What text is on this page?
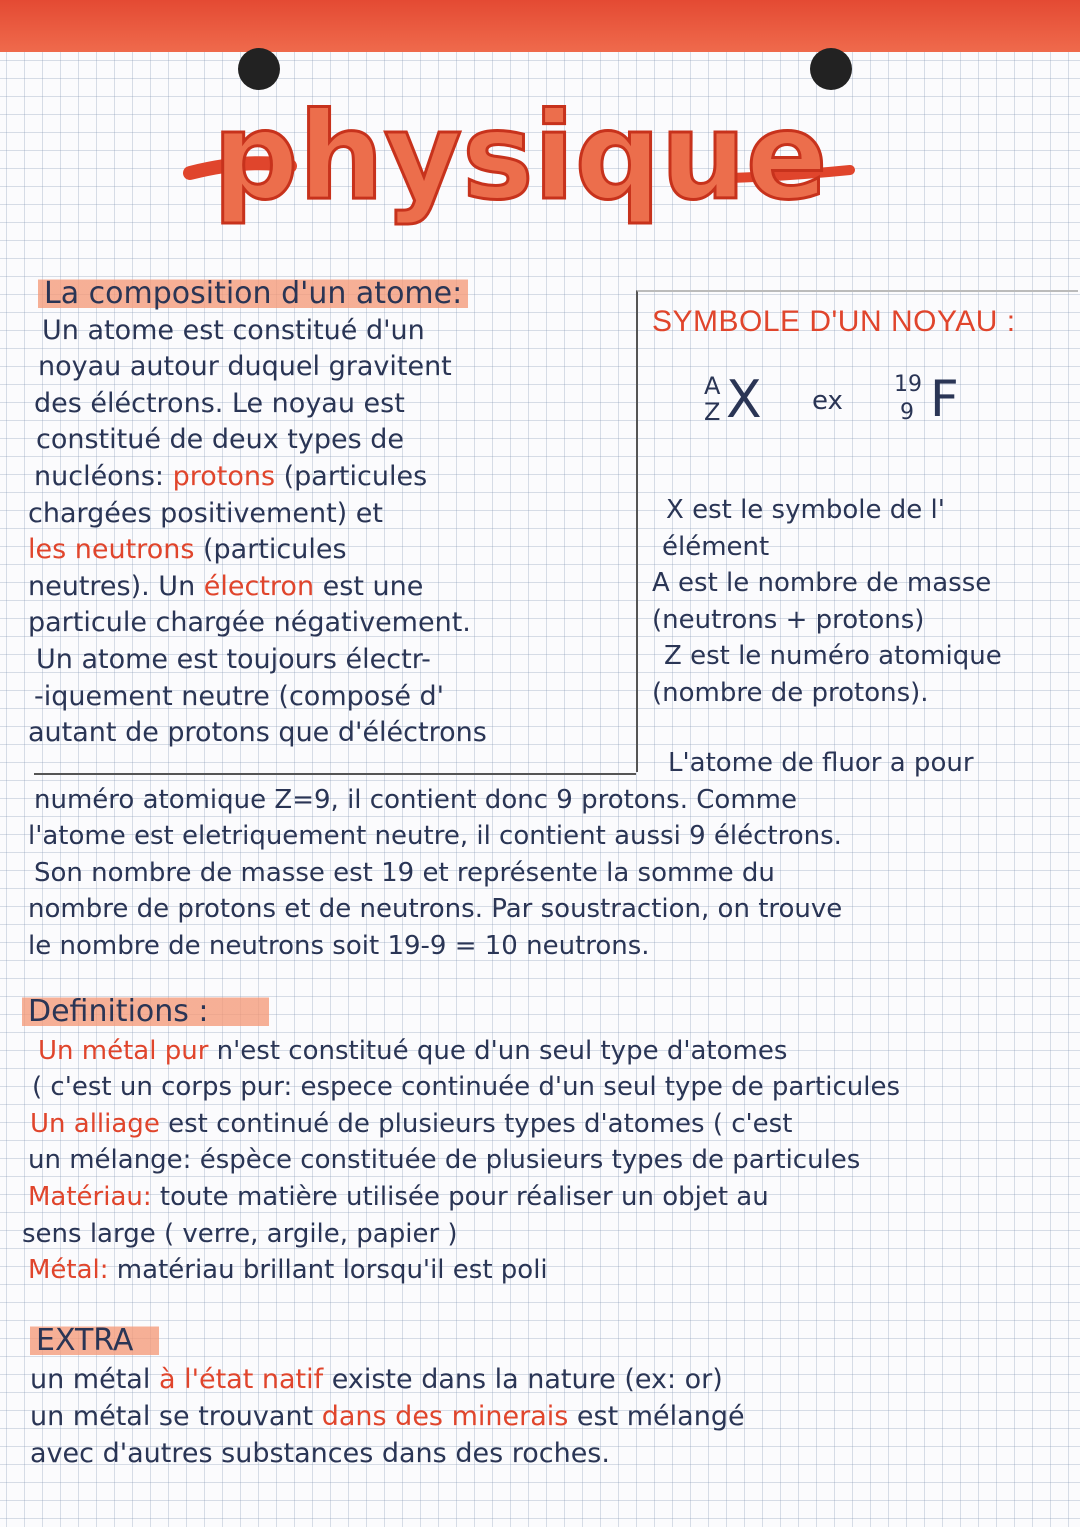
physique

La composition d'un atome:

Un atome est constitué d'un

noyau autour duquel gravitent

des éléctrons. Le noyau est

constitué de deux types de

nucléons: protons (particules

chargées positivement) et

les neutrons (particules

neutres). Un électron est une

particule chargée négativement.

Un atome est toujours électr-

-iquement neutre (composé d'

autant de protons que d'éléctrons

SYMBOLE D'UN NOYAU :
A
Z X ex
19
9 F

X est le symbole de l'

élément

A est le nombre de masse

(neutrons + protons)

Z est le numéro atomique

(nombre de protons).

L'atome de fluor a pour

numéro atomique Z=9, il contient donc 9 protons. Comme

l'atome est eletriquement neutre, il contient aussi 9 éléctrons.

Son nombre de masse est 19 et représente la somme du

nombre de protons et de neutrons. Par soustraction, on trouve

le nombre de neutrons soit 19-9 = 10 neutrons.

Definitions :

Un métal pur n'est constitué que d'un seul type d'atomes

( c'est un corps pur: espece continuée d'un seul type de particules

Un alliage est continué de plusieurs types d'atomes ( c'est

un mélange: éspèce constituée de plusieurs types de particules

Matériau: toute matière utilisée pour réaliser un objet au

sens large ( verre, argile, papier )

Métal: matériau brillant lorsqu'il est poli

EXTRA

un métal à l'état natif existe dans la nature (ex: or)

un métal se trouvant dans des minerais est mélangé

avec d'autres substances dans des roches.
